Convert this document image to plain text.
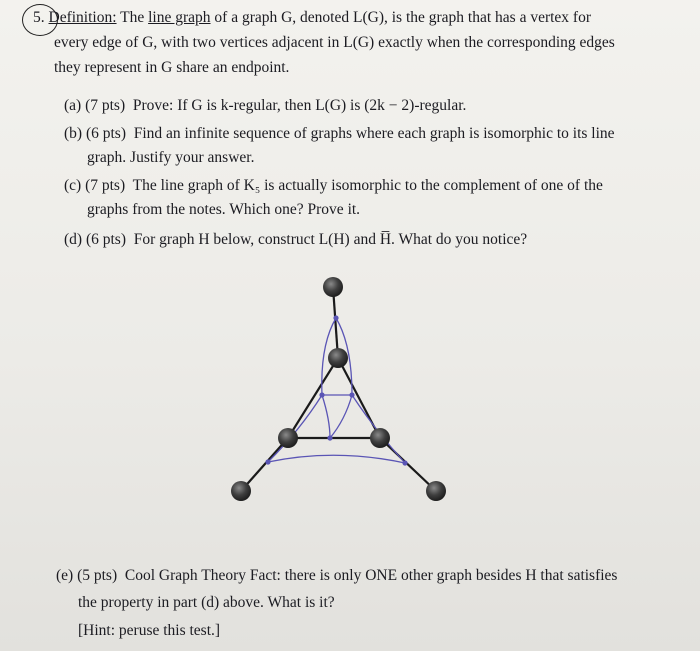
5. Definition: The line graph of a graph G, denoted L(G), is the graph that has a vertex for
every edge of G, with two vertices adjacent in L(G) exactly when the corresponding edges
they represent in G share an endpoint.
(a) (7 pts) Prove: If G is k-regular, then L(G) is (2k − 2)-regular.
(b) (6 pts) Find an infinite sequence of graphs where each graph is isomorphic to its line
graph. Justify your answer.
(c) (7 pts) The line graph of K₅ is actually isomorphic to the complement of one of the
graphs from the notes. Which one? Prove it.
(d) (6 pts) For graph H below, construct L(H) and H̅. What do you notice?
(e) (5 pts) Cool Graph Theory Fact: there is only ONE other graph besides H that satisfies
the property in part (d) above. What is it?
[Hint: peruse this test.]
